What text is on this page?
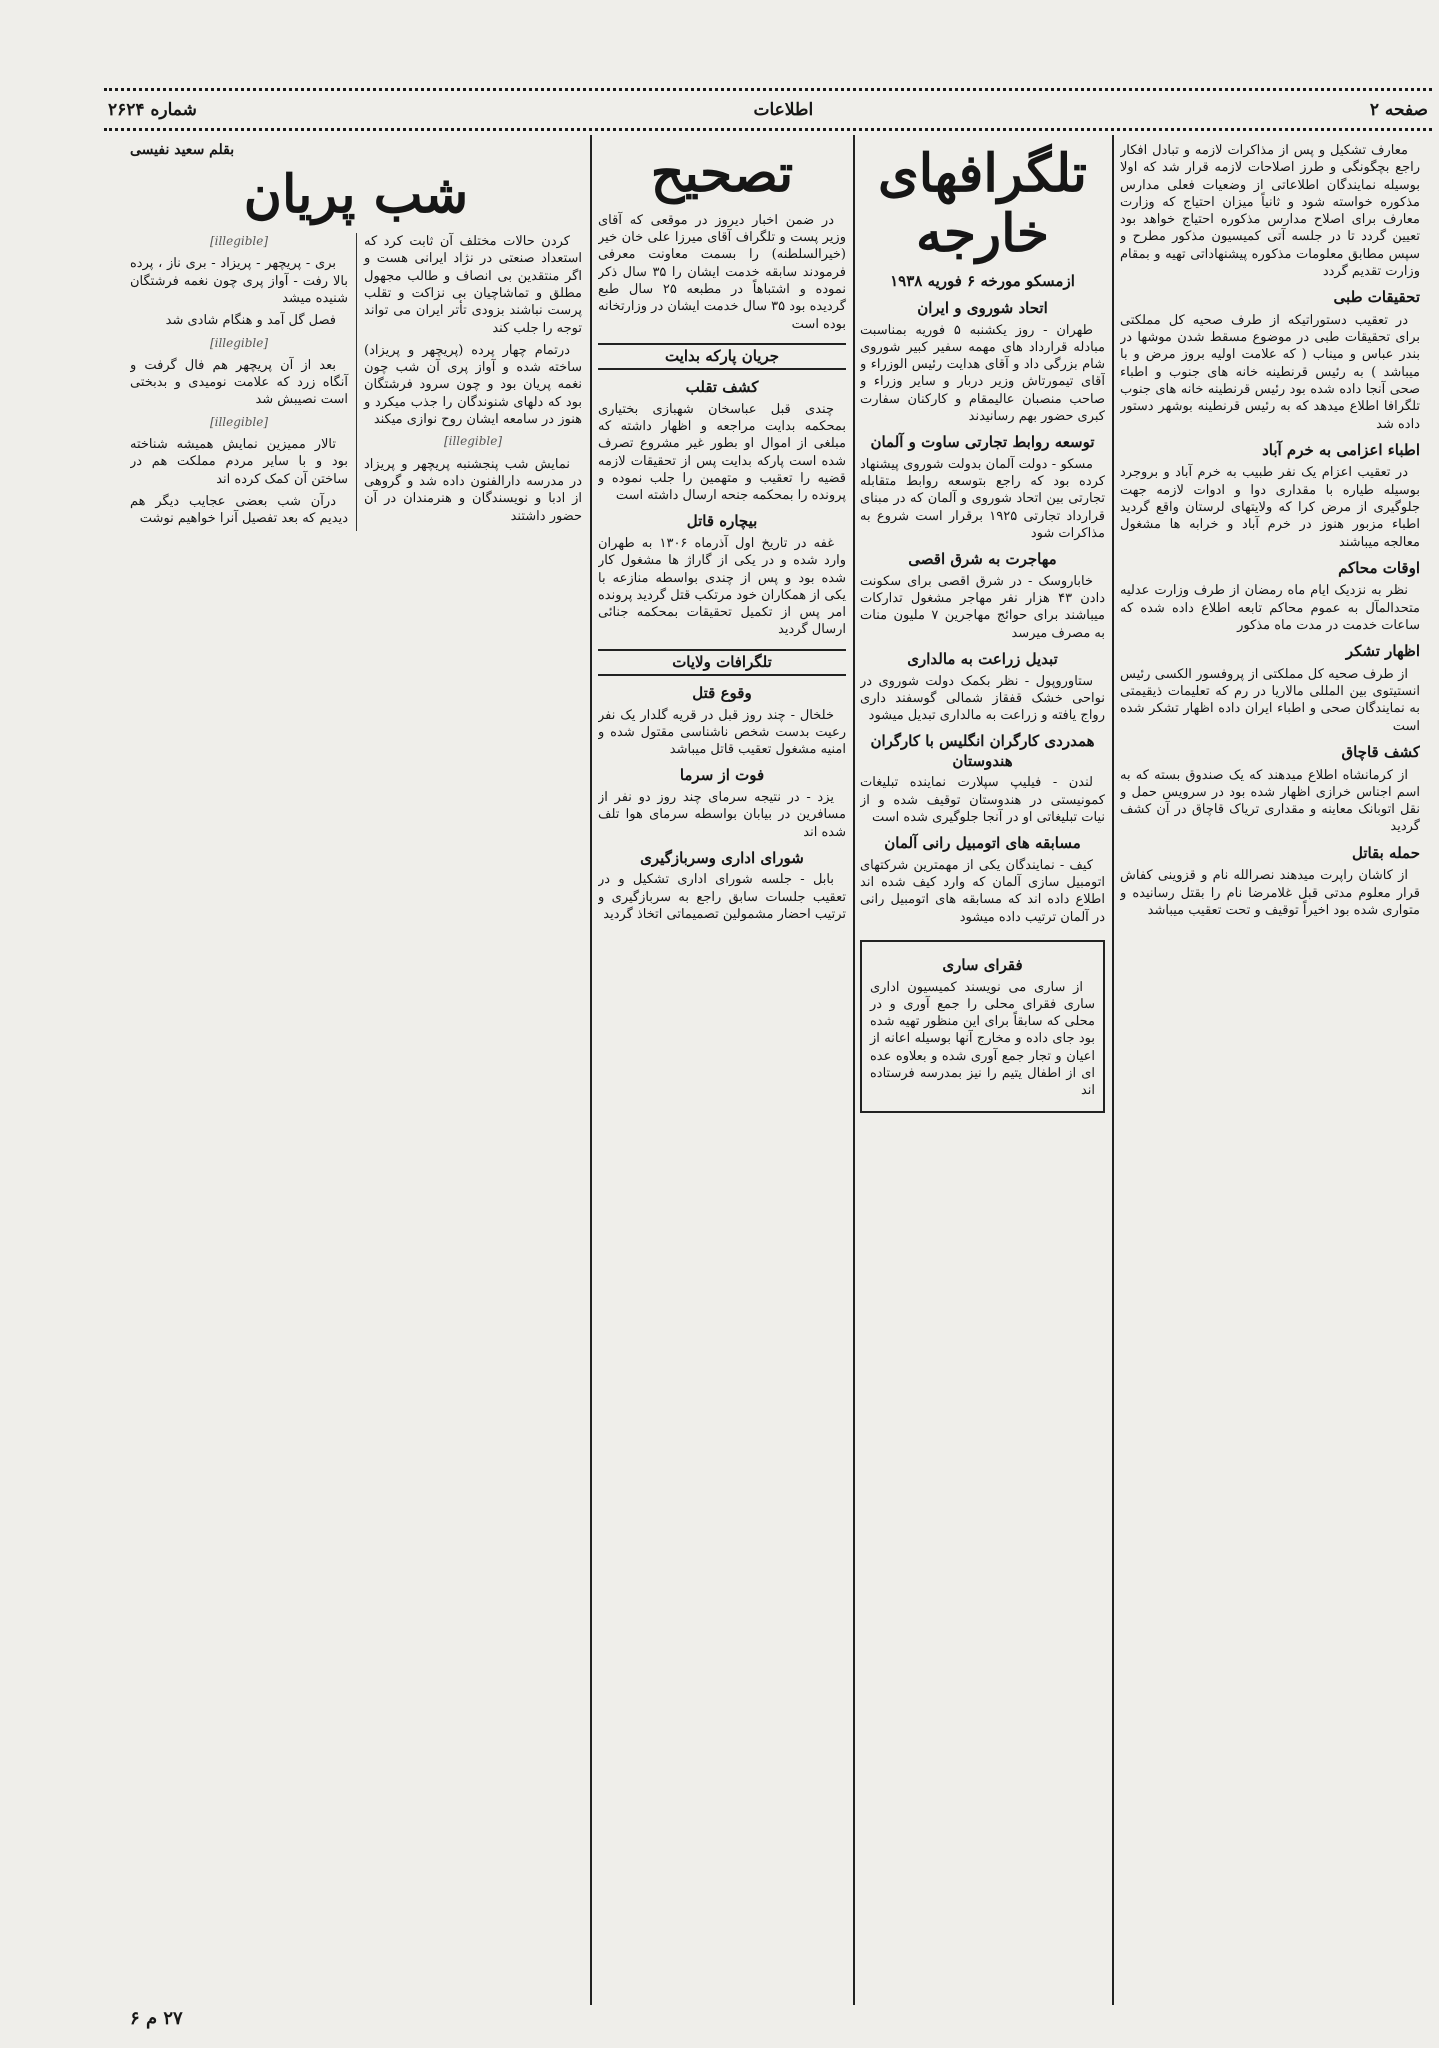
صفحه ۲
اطلاعات
شماره ۲۶۲۴

معارف تشکیل و پس از مذاکرات لازمه و تبادل افکار راجع بچگونگی و طرز اصلاحات لازمه قرار شد که اولا بوسیله نمایندگان اطلاعاتی از وضعیات فعلی مدارس مذکوره خواسته شود و ثانیاً میزان احتیاج که وزارت معارف برای اصلاح مدارس مذکوره احتیاج خواهد بود تعیین گردد تا در جلسه آتی کمیسیون مذکور مطرح و سپس مطابق معلومات مذکوره پیشنهاداتی تهیه و بمقام وزارت تقدیم گردد

تحقیقات طبی

در تعقیب دستوراتیکه از طرف صحیه کل مملکتی برای تحقیقات طبی در موضوع مسقط شدن موشها در بندر عباس و میناب ( که علامت اولیه بروز مرض و با میباشد ) به رئیس قرنطینه خانه های جنوب و اطباء صحی آنجا داده شده بود رئیس قرنطینه خانه های جنوب تلگرافا اطلاع میدهد که به رئیس قرنطینه بوشهر دستور داده شد

اطباء اعزامی به خرم آباد

در تعقیب اعزام یک نفر طبیب به خرم آباد و بروجرد بوسیله طیاره با مقداری دوا و ادوات لازمه جهت جلوگیری از مرض کرا که ولایتهای لرستان واقع گردید اطباء مزبور هنوز در خرم آباد و خرابه ها مشغول معالجه میباشند

اوقات محاکم

نظر به نزدیک ایام ماه رمضان از طرف وزارت عدلیه متحدالمآل به عموم محاکم تابعه اطلاع داده شده که ساعات خدمت در مدت ماه مذکور

اظهار تشکر

از طرف صحیه کل مملکتی از پروفسور الکسی رئیس انستیتوی بین المللی مالاریا در رم که تعلیمات ذیقیمتی به نمایندگان صحی و اطباء ایران داده اظهار تشکر شده است

کشف قاچاق

از کرمانشاه اطلاع میدهند که یک صندوق بسته که به اسم اجناس خرازی اظهار شده بود در سرویس حمل و نقل اتوبانک معاینه و مقداری تریاک قاچاق در آن کشف گردید

حمله بقاتل

از کاشان راپرت میدهند نصرالله نام و قزوینی کفاش قرار معلوم مدتی قبل غلامرضا نام را بقتل رسانیده و متواری شده بود اخیراً توقیف و تحت تعقیب میباشد

تلگرافهای خارجه
ازمسکو مورخه ۶ فوریه ۱۹۳۸
اتحاد شوروی و ایران

طهران - روز یکشنبه ۵ فوریه بمناسبت مبادله قرارداد های مهمه سفیر کبیر شوروی شام بزرگی داد و آقای هدایت رئیس الوزراء و آقای تیمورتاش وزیر دربار و سایر وزراء و صاحب منصبان عالیمقام و کارکنان سفارت کبری حضور بهم رسانیدند

توسعه روابط تجارتی ساوت و آلمان

مسکو - دولت آلمان بدولت شوروی پیشنهاد کرده بود که راجع بتوسعه روابط متقابله تجارتی بین اتحاد شوروی و آلمان که در مبنای قرارداد تجارتی ۱۹۲۵ برقرار است شروع به مذاکرات شود

مهاجرت به شرق اقصی

خاباروسک - در شرق اقصی برای سکونت دادن ۴۳ هزار نفر مهاجر مشغول تدارکات میباشند برای حوائج مهاجرین ۷ ملیون منات به مصرف میرسد

تبدیل زراعت به مالداری

ستاوروپول - نظر بکمک دولت شوروی در نواحی خشک قفقاز شمالی گوسفند داری رواج یافته و زراعت به مالداری تبدیل میشود

همدردی کارگران انگلیس با کارگران هندوستان

لندن - فیلیپ سپلارت نماینده تبلیغات کمونیستی در هندوستان توقیف شده و از نیات تبلیغاتی او در آنجا جلوگیری شده است

مسابقه های اتومبیل رانی آلمان

کیف - نمایندگان یکی از مهمترین شرکتهای اتومبیل سازی آلمان که وارد کیف شده اند اطلاع داده اند که مسابقه های اتومبیل رانی در آلمان ترتیب داده میشود

فقرای ساری

از ساری می نویسند کمیسیون اداری ساری فقرای محلی را جمع آوری و در محلی که سابقاً برای این منظور تهیه شده بود جای داده و مخارج آنها بوسیله اعانه از اعیان و تجار جمع آوری شده و بعلاوه عده ای از اطفال یتیم را نیز بمدرسه فرستاده اند

تصحیح

در ضمن اخبار دیروز در موقعی که آقای وزیر پست و تلگراف آقای میرزا علی خان خیر (خیرالسلطنه) را بسمت معاونت معرفی فرمودند سابقه خدمت ایشان را ۳۵ سال ذکر نموده و اشتباهاً در مطبعه ۲۵ سال طبع گردیده بود ۳۵ سال خدمت ایشان در وزارتخانه بوده است

جریان پارکه بدایت
کشف تقلب

چندی قبل عباسخان شهبازی بختیاری بمحکمه بدایت مراجعه و اظهار داشته که مبلغی از اموال او بطور غیر مشروع تصرف شده است پارکه بدایت پس از تحقیقات لازمه قضیه را تعقیب و متهمین را جلب نموده و پرونده را بمحکمه جنحه ارسال داشته است

بیچاره قاتل

غفه در تاریخ اول آذرماه ۱۳۰۶ به طهران وارد شده و در یکی از گاراژ ها مشغول کار شده بود و پس از چندی بواسطه منازعه با یکی از همکاران خود مرتکب قتل گردید پرونده امر پس از تکمیل تحقیقات بمحکمه جنائی ارسال گردید

تلگرافات ولایات
وقوع قتل

خلخال - چند روز قبل در قریه گلدار یک نفر رعیت بدست شخص ناشناسی مقتول شده و امنیه مشغول تعقیب قاتل میباشد

فوت از سرما

یزد - در نتیجه سرمای چند روز دو نفر از مسافرین در بیابان بواسطه سرمای هوا تلف شده اند

شورای اداری وسربازگیری

بابل - جلسه شورای اداری تشکیل و در تعقیب جلسات سابق راجع به سربازگیری و ترتیب احضار مشمولین تصمیماتی اتخاذ گردید

بقلم سعید نفیسی
شب پریان

کردن حالات مختلف آن ثابت کرد که استعداد صنعتی در نژاد ایرانی هست و اگر منتقدین بی انصاف و طالب مجهول مطلق و تماشاچیان بی نزاکت و تقلب پرست نباشند بزودی تأتر ایران می تواند توجه را جلب کند

درتمام چهار پرده (پریچهر و پریزاد) ساخته شده و آواز پری آن شب چون نغمه پریان بود و چون سرود فرشتگان بود که دلهای شنوندگان را جذب میکرد و هنوز در سامعه ایشان روح نوازی میکند

[illegible]

نمایش شب پنجشنبه پریچهر و پریزاد در مدرسه دارالفنون داده شد و گروهی از ادبا و نویسندگان و هنرمندان در آن حضور داشتند

[illegible]

بری - پریچهر - پریزاد - بری ناز ، پرده بالا رفت - آواز پری چون نغمه فرشتگان شنیده میشد

فصل گل آمد و هنگام شادی شد

[illegible]

بعد از آن پریچهر هم فال گرفت و آنگاه زرد که علامت نومیدی و بدبختی است نصیبش شد

[illegible]

تالار ممیزین نمایش همیشه شناخته بود و با سایر مردم مملکت هم در ساختن آن کمک کرده اند

درآن شب بعضی عجایب دیگر هم دیدیم که بعد تفصیل آنرا خواهیم نوشت

۲۷ م ۶
